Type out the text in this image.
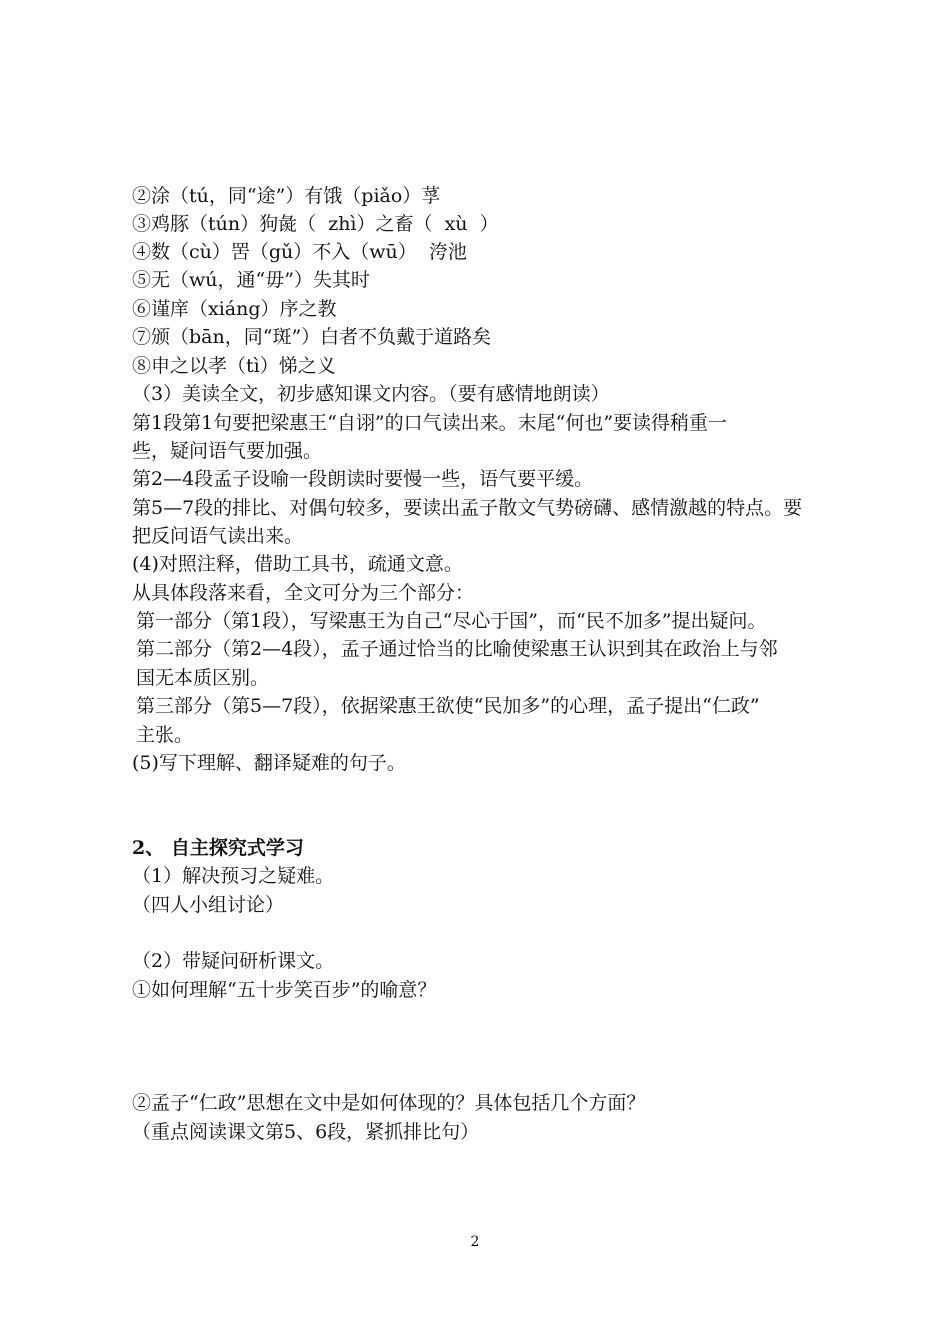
②涂（tú，同“途”）有饿（piǎo）莩
③鸡豚（tún）狗彘（  zhì）之畜（  xù  ）
④数（cù）罟（gǔ）不入（wū）  洿池
⑤无（wú，通“毋”）失其时
⑥谨庠（xiáng）序之教
⑦颁（bān，同“斑”）白者不负戴于道路矣
⑧申之以孝（tì）悌之义
（3）美读全文，初步感知课文内容。（要有感情地朗读）
第1段第1句要把梁惠王“自诩”的口气读出来。末尾“何也”要读得稍重一
些，疑问语气要加强。
第2—4段孟子设喻一段朗读时要慢一些，语气要平缓。
第5—7段的排比、对偶句较多，要读出孟子散文气势磅礴、感情激越的特点。要
把反问语气读出来。
(4)对照注释，借助工具书，疏通文意。
从具体段落来看，全文可分为三个部分：
第一部分（第1段），写梁惠王为自己“尽心于国”，而“民不加多”提出疑问。
第二部分（第2—4段），孟子通过恰当的比喻使梁惠王认识到其在政治上与邻
国无本质区别。
第三部分（第5—7段），依据梁惠王欲使“民加多”的心理，孟子提出“仁政”
主张。
(5)写下理解、翻译疑难的句子。
2、 自主探究式学习
（1）解决预习之疑难。
（四人小组讨论）
（2）带疑问研析课文。
①如何理解“五十步笑百步”的喻意？
②孟子“仁政”思想在文中是如何体现的？具体包括几个方面？
（重点阅读课文第5、6段，紧抓排比句）
2
